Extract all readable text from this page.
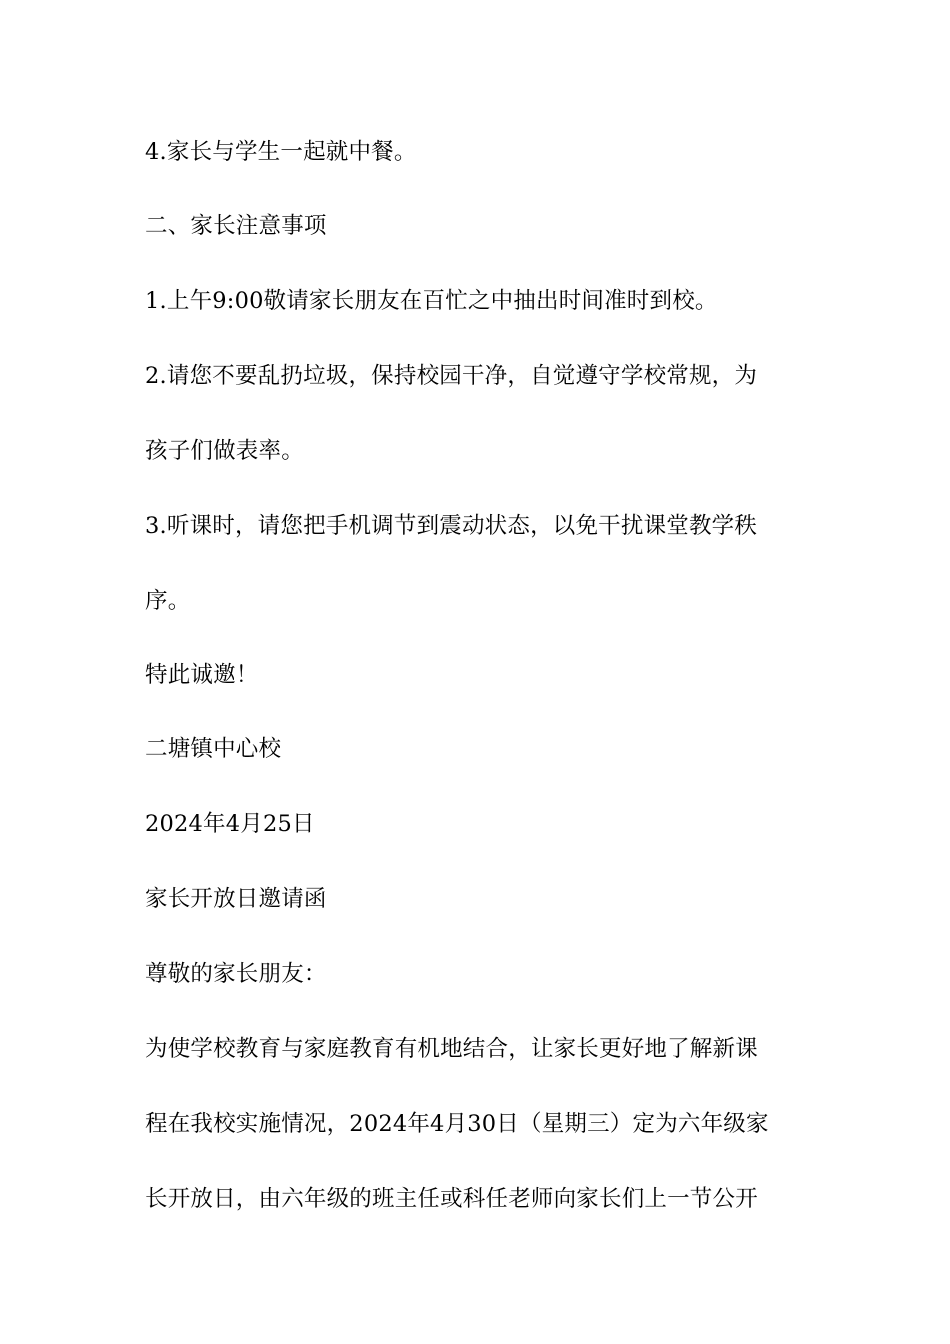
4.家长与学生一起就中餐。
二、家长注意事项
1.上午9:00敬请家长朋友在百忙之中抽出时间准时到校。
2.请您不要乱扔垃圾，保持校园干净，自觉遵守学校常规，为
孩子们做表率。
3.听课时，请您把手机调节到震动状态，以免干扰课堂教学秩
序。
特此诚邀！
二塘镇中心校
2024年4月25日
家长开放日邀请函
尊敬的家长朋友：
为使学校教育与家庭教育有机地结合，让家长更好地了解新课
程在我校实施情况，2024年4月30日（星期三）定为六年级家
长开放日，由六年级的班主任或科任老师向家长们上一节公开
